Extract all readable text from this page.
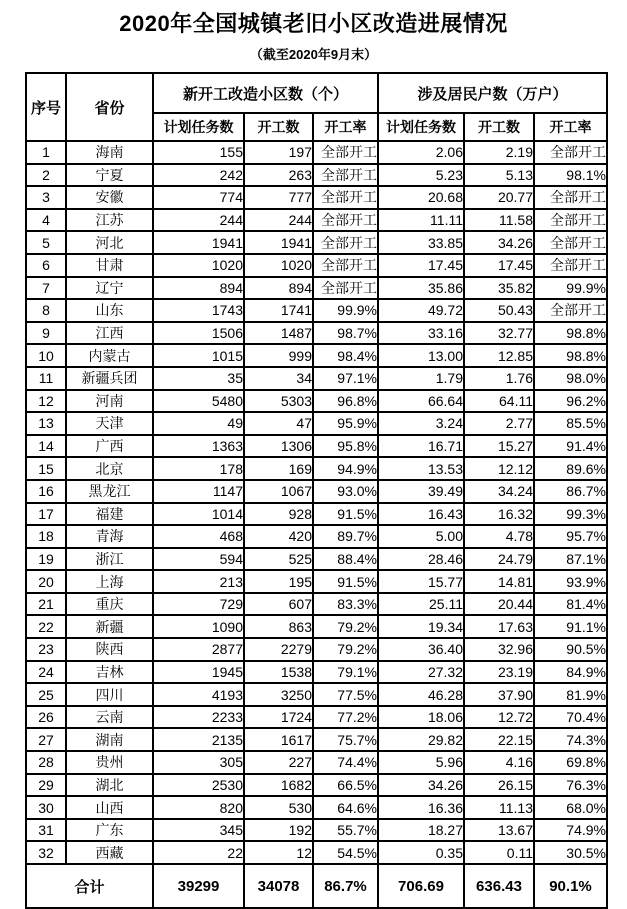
2020年全国城镇老旧小区改造进展情况
（截至2020年9月末）
序号	省份	新开工改造小区数（个）			涉及居民户数（万户）		
		计划任务数	开工数	开工率	计划任务数	开工数	开工率
1	海南	155	197	全部开工	2.06	2.19	全部开工
2	宁夏	242	263	全部开工	5.23	5.13	98.1%
3	安徽	774	777	全部开工	20.68	20.77	全部开工
4	江苏	244	244	全部开工	11.11	11.58	全部开工
5	河北	1941	1941	全部开工	33.85	34.26	全部开工
6	甘肃	1020	1020	全部开工	17.45	17.45	全部开工
7	辽宁	894	894	全部开工	35.86	35.82	99.9%
8	山东	1743	1741	99.9%	49.72	50.43	全部开工
9	江西	1506	1487	98.7%	33.16	32.77	98.8%
10	内蒙古	1015	999	98.4%	13.00	12.85	98.8%
11	新疆兵团	35	34	97.1%	1.79	1.76	98.0%
12	河南	5480	5303	96.8%	66.64	64.11	96.2%
13	天津	49	47	95.9%	3.24	2.77	85.5%
14	广西	1363	1306	95.8%	16.71	15.27	91.4%
15	北京	178	169	94.9%	13.53	12.12	89.6%
16	黑龙江	1147	1067	93.0%	39.49	34.24	86.7%
17	福建	1014	928	91.5%	16.43	16.32	99.3%
18	青海	468	420	89.7%	5.00	4.78	95.7%
19	浙江	594	525	88.4%	28.46	24.79	87.1%
20	上海	213	195	91.5%	15.77	14.81	93.9%
21	重庆	729	607	83.3%	25.11	20.44	81.4%
22	新疆	1090	863	79.2%	19.34	17.63	91.1%
23	陕西	2877	2279	79.2%	36.40	32.96	90.5%
24	吉林	1945	1538	79.1%	27.32	23.19	84.9%
25	四川	4193	3250	77.5%	46.28	37.90	81.9%
26	云南	2233	1724	77.2%	18.06	12.72	70.4%
27	湖南	2135	1617	75.7%	29.82	22.15	74.3%
28	贵州	305	227	74.4%	5.96	4.16	69.8%
29	湖北	2530	1682	66.5%	34.26	26.15	76.3%
30	山西	820	530	64.6%	16.36	11.13	68.0%
31	广东	345	192	55.7%	18.27	13.67	74.9%
32	西藏	22	12	54.5%	0.35	0.11	30.5%
合计		39299	34078	86.7%	706.69	636.43	90.1%
